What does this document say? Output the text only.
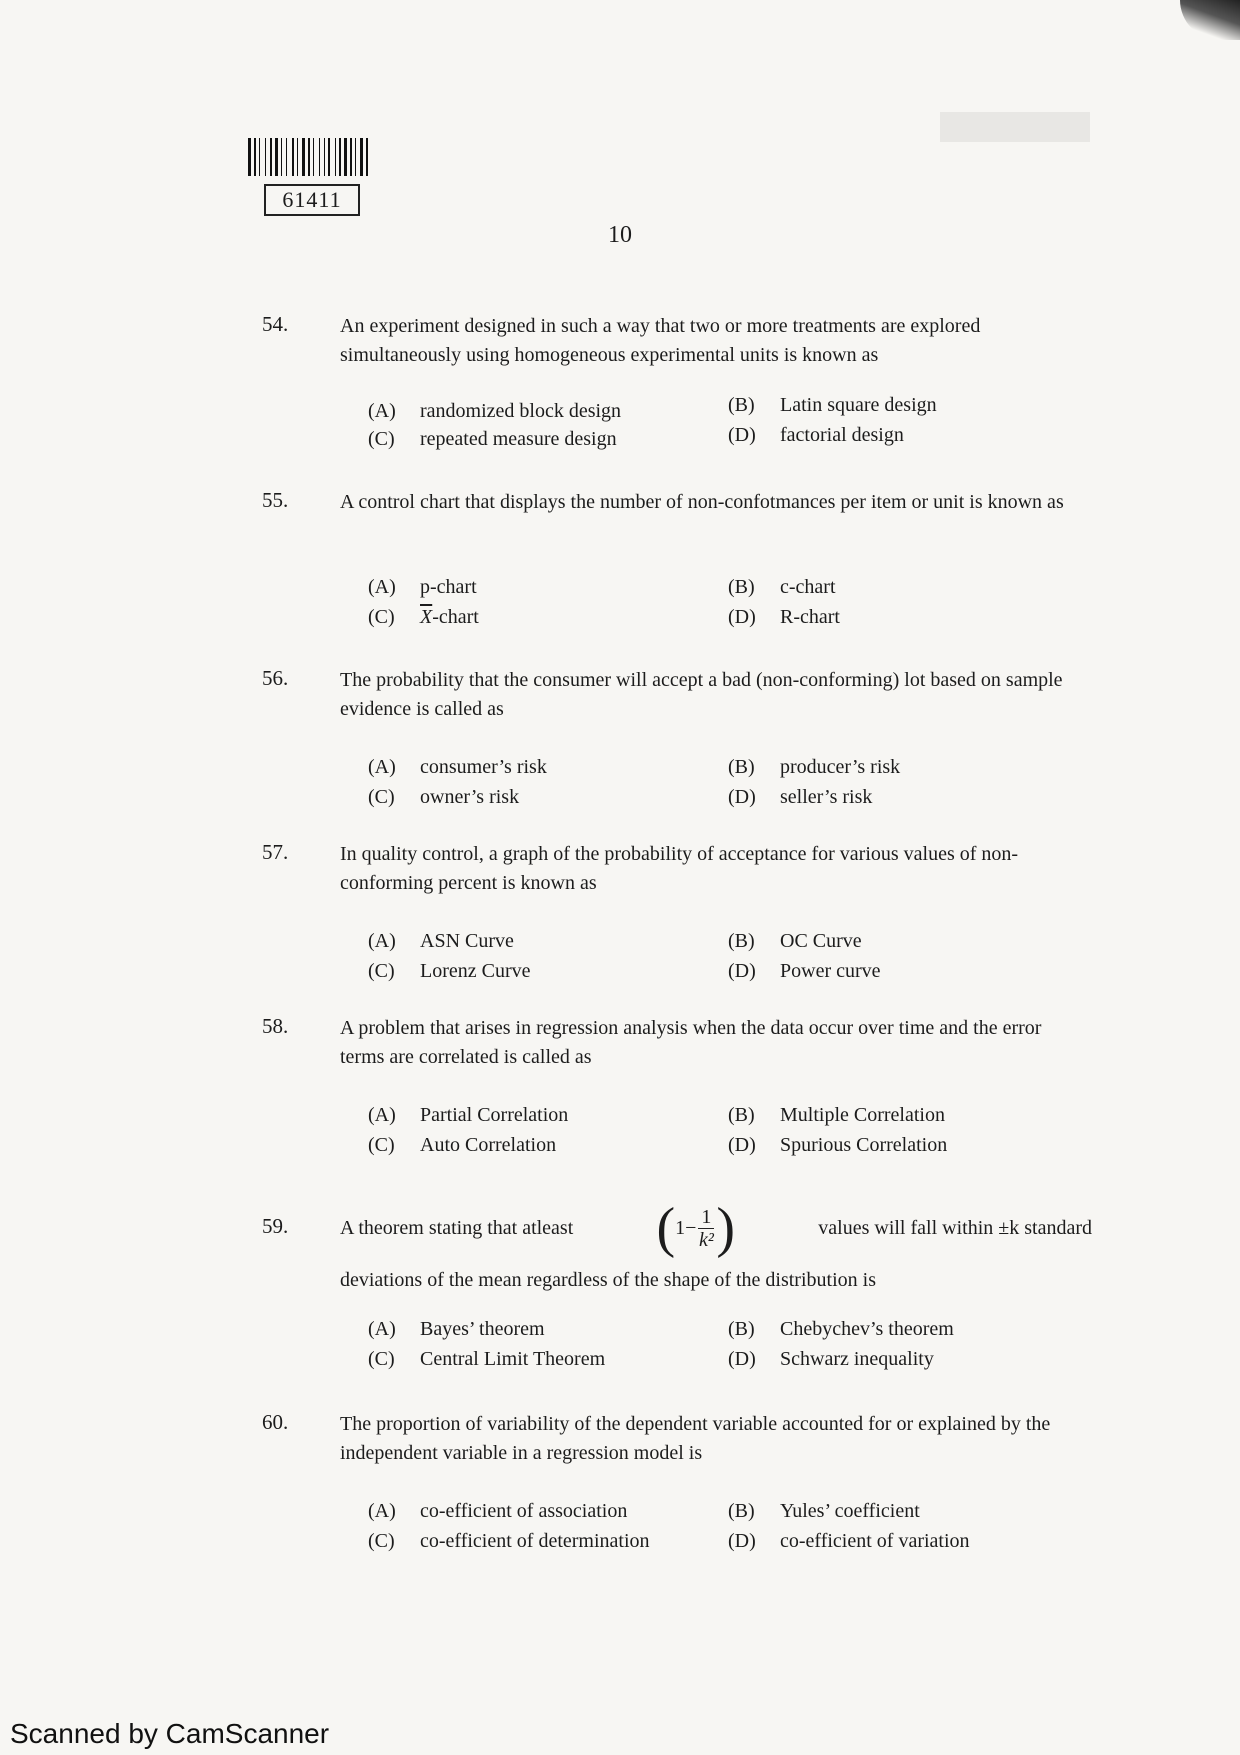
61411
10
54.	An experiment designed in such a way that two or more treatments are explored simultaneously using homogeneous experimental units is known as
(A) randomized block design	(B) Latin square design
(C) repeated measure design	(D) factorial design
55.	A control chart that displays the number of non-confotmances per item or unit is known as
(A) p-chart	(B) c-chart
(C) $\overline{X}$-chart	(D) R-chart
56.	The probability that the consumer will accept a bad (non-conforming) lot based on sample evidence is called as
(A) consumer’s risk	(B) producer’s risk
(C) owner’s risk	(D) seller’s risk
57.	In quality control, a graph of the probability of acceptance for various values of non-conforming percent is known as
(A) ASN Curve	(B) OC Curve
(C) Lorenz Curve	(D) Power curve
58.	A problem that arises in regression analysis when the data occur over time and the error terms are correlated is called as
(A) Partial Correlation	(B) Multiple Correlation
(C) Auto Correlation	(D) Spurious Correlation
59.	A theorem stating that atleast ( $1- \frac{1}{\text{k²}}$ )	values will fall within ±k standard
deviations of the mean regardless of the shape of the distribution is
(A) Bayes’ theorem	(B) Chebychev’s theorem
(C) Central Limit Theorem	(D) Schwarz inequality
60.	The proportion of variability of the dependent variable accounted for or explained by the independent variable in a regression model is
(A) co-efficient of association	(B) Yules’ coefficient
(C) co-efficient of determination	(D) co-efficient of variation
Scanned by CamScanner
